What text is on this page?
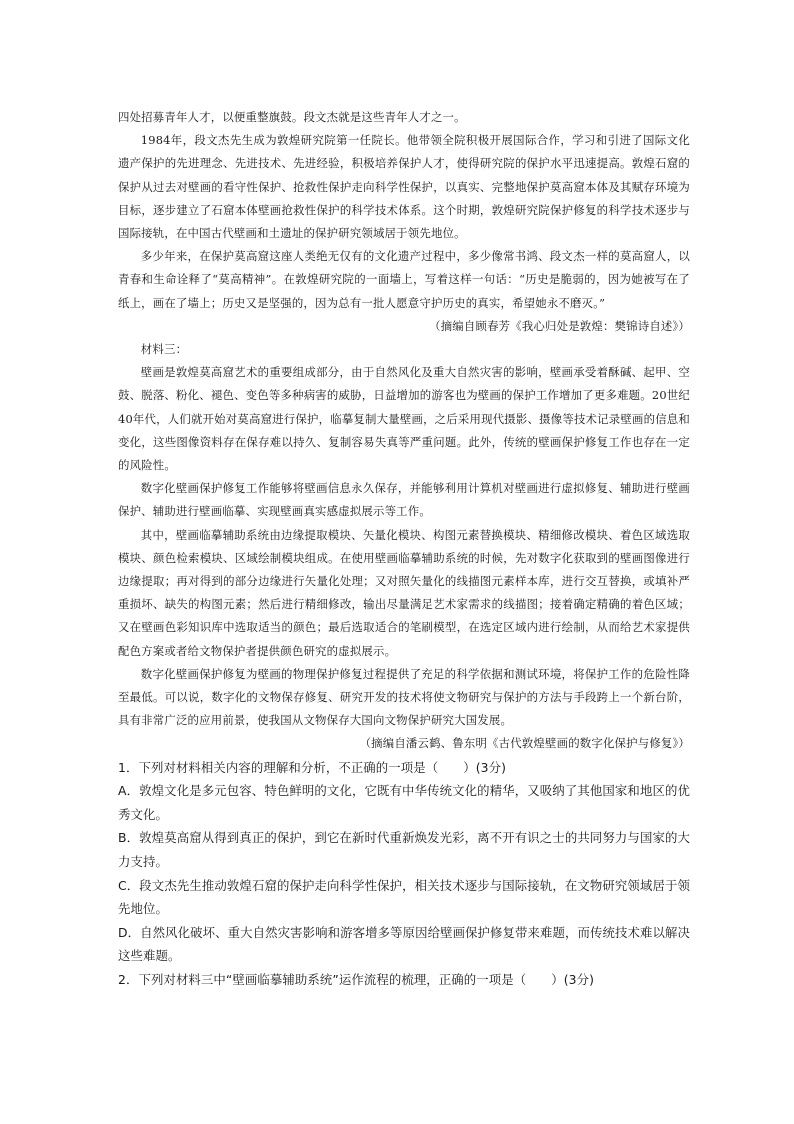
四处招募青年人才，以便重整旗鼓。段文杰就是这些青年人才之一。

1984年，段文杰先生成为敦煌研究院第一任院长。他带领全院积极开展国际合作，学习和引进了国际文化遗产保护的先进理念、先进技术、先进经验，积极培养保护人才，使得研究院的保护水平迅速提高。敦煌石窟的保护从过去对壁画的看守性保护、抢救性保护走向科学性保护，以真实、完整地保护莫高窟本体及其赋存环境为目标，逐步建立了石窟本体壁画抢救性保护的科学技术体系。这个时期，敦煌研究院保护修复的科学技术逐步与国际接轨，在中国古代壁画和土遗址的保护研究领域居于领先地位。

多少年来，在保护莫高窟这座人类绝无仅有的文化遗产过程中，多少像常书鸿、段文杰一样的莫高窟人，以青春和生命诠释了“莫高精神”。在敦煌研究院的一面墙上，写着这样一句话：“历史是脆弱的，因为她被写在了纸上，画在了墙上；历史又是坚强的，因为总有一批人愿意守护历史的真实，希望她永不磨灭。”

（摘编自顾春芳《我心归处是敦煌：樊锦诗自述》）

材料三：

壁画是敦煌莫高窟艺术的重要组成部分，由于自然风化及重大自然灾害的影响，壁画承受着酥碱、起甲、空鼓、脱落、粉化、褪色、变色等多种病害的威胁，日益增加的游客也为壁画的保护工作增加了更多难题。20世纪40年代，人们就开始对莫高窟进行保护，临摹复制大量壁画，之后采用现代摄影、摄像等技术记录壁画的信息和变化，这些图像资料存在保存难以持久、复制容易失真等严重问题。此外，传统的壁画保护修复工作也存在一定的风险性。

数字化壁画保护修复工作能够将壁画信息永久保存，并能够利用计算机对壁画进行虚拟修复、辅助进行壁画保护、辅助进行壁画临摹、实现壁画真实感虚拟展示等工作。

其中，壁画临摹辅助系统由边缘提取模块、矢量化模块、构图元素替换模块、精细修改模块、着色区域选取模块、颜色检索模块、区域绘制模块组成。在使用壁画临摹辅助系统的时候，先对数字化获取到的壁画图像进行边缘提取；再对得到的部分边缘进行矢量化处理；又对照矢量化的线描图元素样本库，进行交互替换，或填补严重损坏、缺失的构图元素；然后进行精细修改，输出尽量满足艺术家需求的线描图；接着确定精确的着色区域；又在壁画色彩知识库中选取适当的颜色；最后选取适合的笔刷模型，在选定区域内进行绘制，从而给艺术家提供配色方案或者给文物保护者提供颜色研究的虚拟展示。

数字化壁画保护修复为壁画的物理保护修复过程提供了充足的科学依据和测试环境，将保护工作的危险性降至最低。可以说，数字化的文物保存修复、研究开发的技术将使文物研究与保护的方法与手段跨上一个新台阶，具有非常广泛的应用前景，使我国从文物保存大国向文物保护研究大国发展。

（摘编自潘云鹤、鲁东明《古代敦煌壁画的数字化保护与修复》）

1．下列对材料相关内容的理解和分析，不正确的一项是（　　）(3分)

A．敦煌文化是多元包容、特色鲜明的文化，它既有中华传统文化的精华，又吸纳了其他国家和地区的优秀文化。

B．敦煌莫高窟从得到真正的保护，到它在新时代重新焕发光彩，离不开有识之士的共同努力与国家的大力支持。

C．段文杰先生推动敦煌石窟的保护走向科学性保护，相关技术逐步与国际接轨，在文物研究领域居于领先地位。

D．自然风化破坏、重大自然灾害影响和游客增多等原因给壁画保护修复带来难题，而传统技术难以解决这些难题。

2．下列对材料三中“壁画临摹辅助系统”运作流程的梳理，正确的一项是（　　）(3分)
